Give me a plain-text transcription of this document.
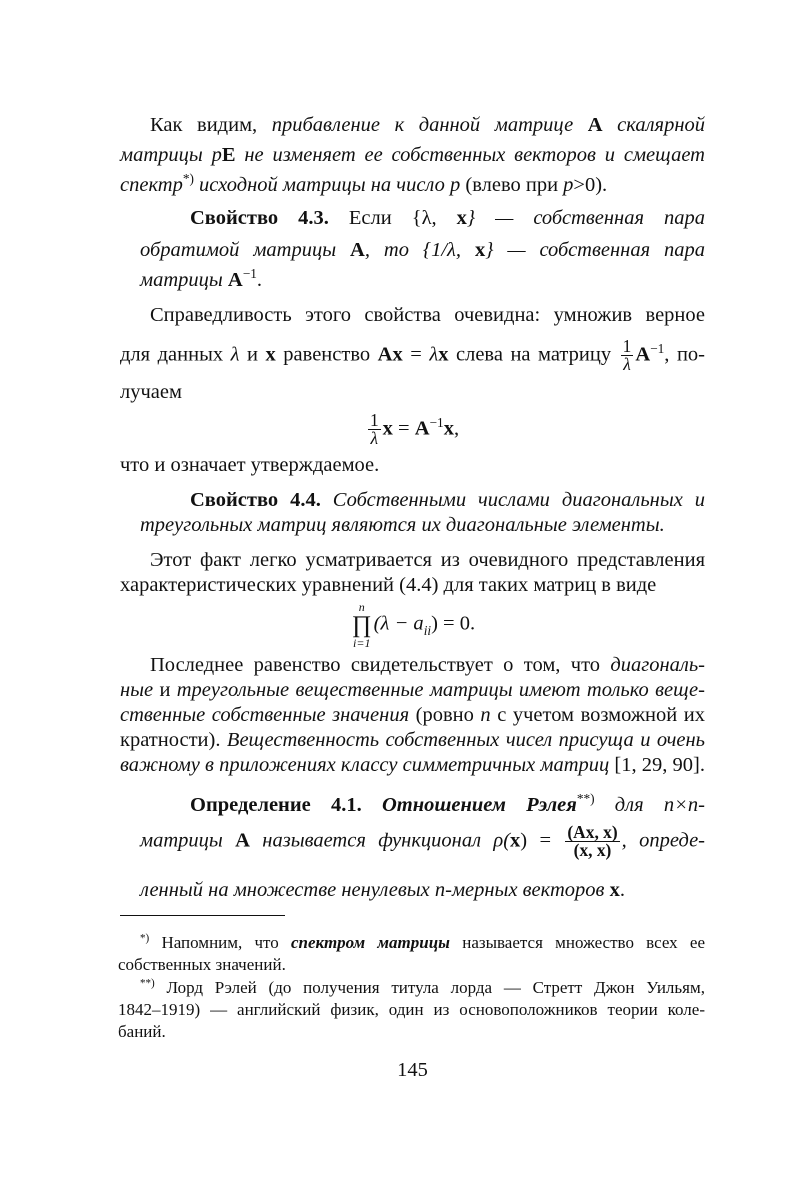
145
Как видим, прибавление к данной матрице A скалярной
матрицы pE не изменяет ее собственных векторов и смещает
спектр*) исходной матрицы на число p (влево при p>0).
Свойство 4.3. Если {λ, x} — собственная пара
обратимой матрицы A, то {1/λ, x} — собственная пара
матрицы $A^{-1}$.
Справедливость этого свойства очевидна: умножив верное
для данных λ и x равенство Ax = λx слева на матрицу $\frac{1}{\lambda} A^{-1}$, по-
лучаем
$\frac{1}{\lambda}$ $x = A^{-1}x$,
что и означает утверждаемое.
Свойство 4.4. Собственными числами диагональных и
треугольных матриц являются их диагональные элементы.
Этот факт легко усматривается из очевидного представления
характеристических уравнений (4.4) для таких матриц в виде
n
∏
i=1
$(\lambda - a_{ii}) = 0$.
Последнее равенство свидетельствует о том, что диагональ-
ные и треугольные вещественные матрицы имеют только веще-
ственные собственные значения (ровно n с учетом возможной их
кратности). Вещественность собственных чисел присуща и очень
важному в приложениях классу симметричных матриц [1, 29, 90].
Определение 4.1. Отношением Рэлея**) для n×n-
матрицы A называется функционал $\rho(x) = \frac{(Ax, x)}{(x, x)}$ , опреде-
ленный на множестве ненулевых n-мерных векторов x.
*) Напомним, что спектром матрицы называется множество всех ее
собственных значений.
**) Лорд Рэлей (до получения титула лорда — Стретт Джон Уильям,
1842–1919) — английский физик, один из основоположников теории коле-
баний.
